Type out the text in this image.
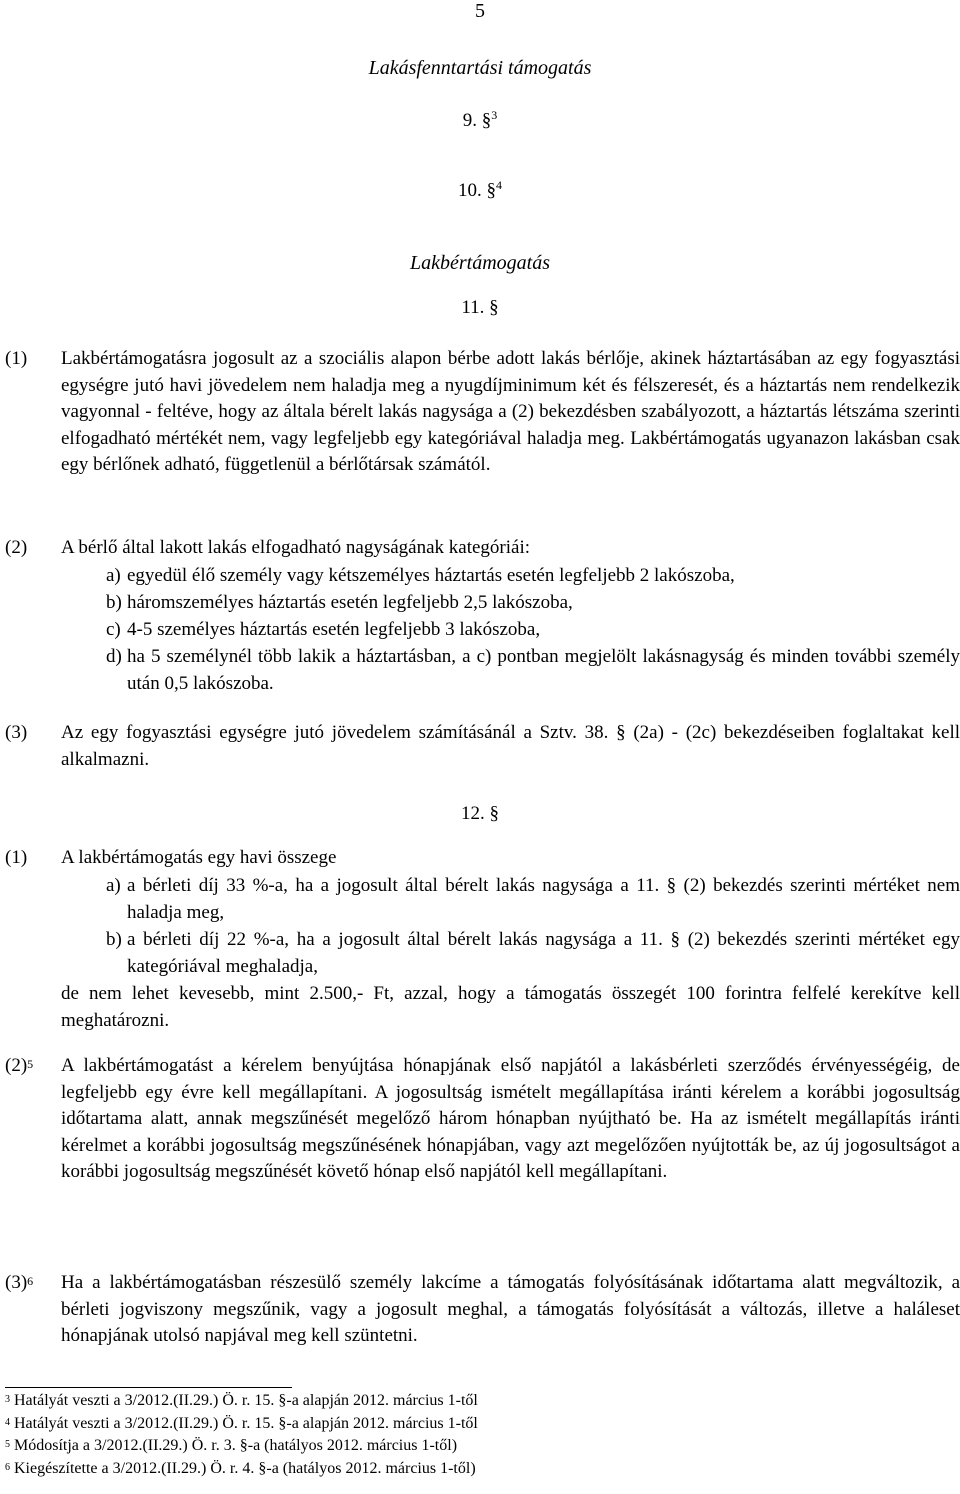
5
Lakásfenntartási támogatás
9. §$^3$
10. §$^4$
Lakbértámogatás
11. §
(1) Lakbértámogatásra jogosult az a szociális alapon bérbe adott lakás bérlője, akinek háztartásában az egy fogyasztási egységre jutó havi jövedelem nem haladja meg a nyugdíjminimum két és félszeresét, és a háztartás nem rendelkezik vagyonnal - feltéve, hogy az általa bérelt lakás nagysága a (2) bekezdésben szabályozott, a háztartás létszáma szerinti elfogadható mértékét nem, vagy legfeljebb egy kategóriával haladja meg. Lakbértámogatás ugyanazon lakásban csak egy bérlőnek adható, függetlenül a bérlőtársak számától.
(2) A bérlő által lakott lakás elfogadható nagyságának kategóriái:
a) egyedül élő személy vagy kétszemélyes háztartás esetén legfeljebb 2 lakószoba,
b) háromszemélyes háztartás esetén legfeljebb 2,5 lakószoba,
c) 4-5 személyes háztartás esetén legfeljebb 3 lakószoba,
d) ha 5 személynél több lakik a háztartásban, a c) pontban megjelölt lakásnagyság és minden további személy után 0,5 lakószoba.
(3) Az egy fogyasztási egységre jutó jövedelem számításánál a Sztv. 38. § (2a) - (2c) bekezdéseiben foglaltakat kell alkalmazni.
12. §
(1) A lakbértámogatás egy havi összege
a) a bérleti díj 33 %-a, ha a jogosult által bérelt lakás nagysága a 11. § (2) bekezdés szerinti mértéket nem haladja meg,
b) a bérleti díj 22 %-a, ha a jogosult által bérelt lakás nagysága a 11. § (2) bekezdés szerinti mértéket egy kategóriával meghaladja,
de nem lehet kevesebb, mint 2.500,- Ft, azzal, hogy a támogatás összegét 100 forintra felfelé kerekítve kell meghatározni.
$(2)^5$ A lakbértámogatást a kérelem benyújtása hónapjának első napjától a lakásbérleti szerződés érvényességéig, de legfeljebb egy évre kell megállapítani. A jogosultság ismételt megállapítása iránti kérelem a korábbi jogosultság időtartama alatt, annak megszűnését megelőző három hónapban nyújtható be. Ha az ismételt megállapítás iránti kérelmet a korábbi jogosultság megszűnésének hónapjában, vagy azt megelőzően nyújtották be, az új jogosultságot a korábbi jogosultság megszűnését követő hónap első napjától kell megállapítani.
$(3)^6$ Ha a lakbértámogatásban részesülő személy lakcíme a támogatás folyósításának időtartama alatt megváltozik, a bérleti jogviszony megszűnik, vagy a jogosult meghal, a támogatás folyósítását a változás, illetve a haláleset hónapjának utolsó napjával meg kell szüntetni.
$^3$ Hatályát veszti a 3/2012.(II.29.) Ö. r. 15. §-a alapján 2012. március 1-től
$^4$ Hatályát veszti a 3/2012.(II.29.) Ö. r. 15. §-a alapján 2012. március 1-től
$^5$ Módosítja a 3/2012.(II.29.) Ö. r. 3. §-a (hatályos 2012. március 1-től)
$^6$ Kiegészítette a 3/2012.(II.29.) Ö. r. 4. §-a (hatályos 2012. március 1-től)
